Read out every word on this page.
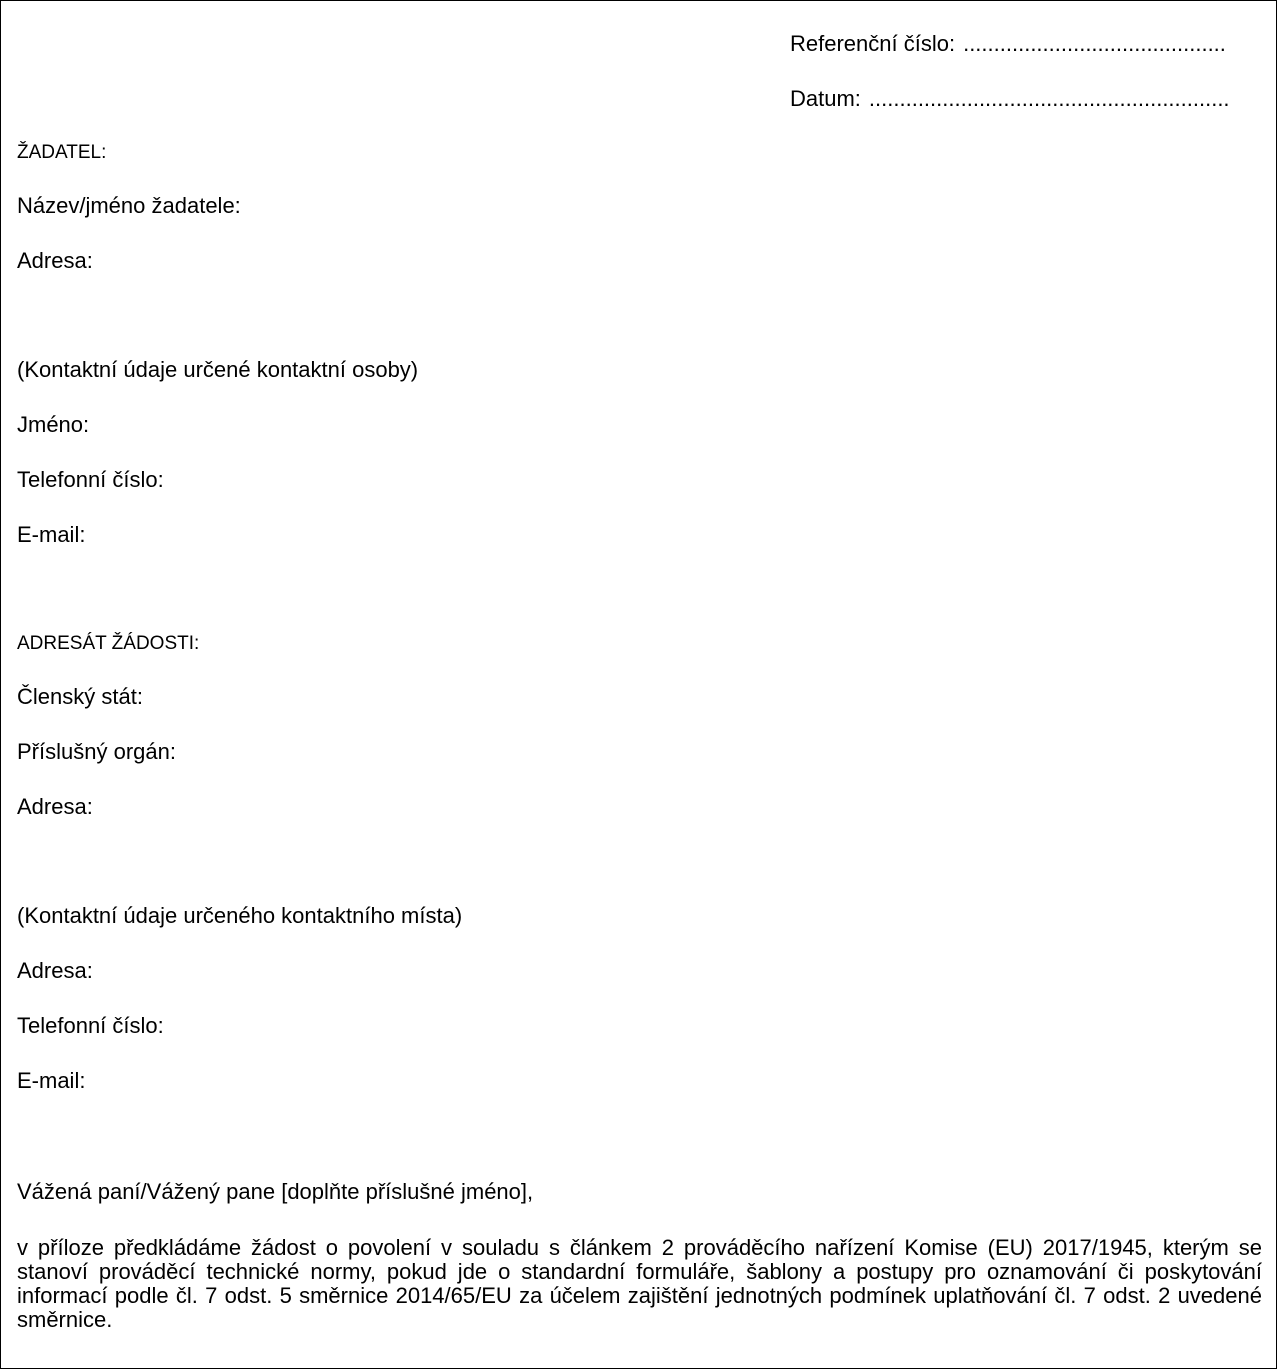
Referenční číslo: ...........................................
Datum: ...........................................................
ŽADATEL:
Název/jméno žadatele:
Adresa:
(Kontaktní údaje určené kontaktní osoby)
Jméno:
Telefonní číslo:
E-mail:
ADRESÁT ŽÁDOSTI:
Členský stát:
Příslušný orgán:
Adresa:
(Kontaktní údaje určeného kontaktního místa)
Adresa:
Telefonní číslo:
E-mail:
Vážená paní/Vážený pane [doplňte příslušné jméno],
v příloze předkládáme žádost o povolení v souladu s článkem 2 prováděcího nařízení Komise (EU) 2017/1945, kterým se stanoví prováděcí technické normy, pokud jde o standardní formuláře, šablony a postupy pro oznamování či poskytování informací podle čl. 7 odst. 5 směrnice 2014/65/EU za účelem zajištění jednotných podmínek uplatňování čl. 7 odst. 2 uvedené směrnice.
